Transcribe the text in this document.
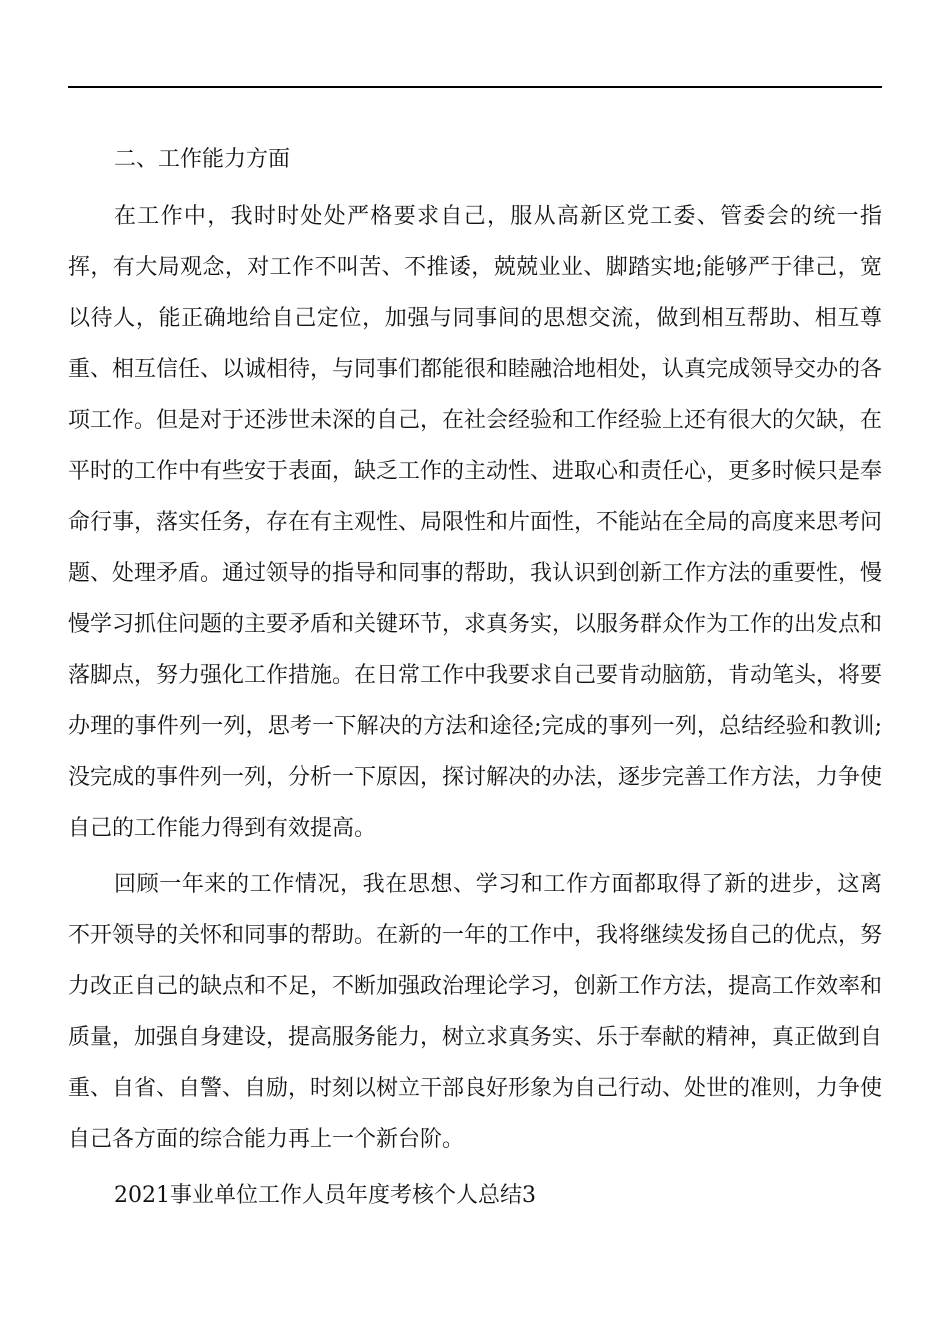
二、工作能力方面

在工作中，我时时处处严格要求自己，服从高新区党工委、管委会的统一指挥，有大局观念，对工作不叫苦、不推诿，兢兢业业、脚踏实地;能够严于律己，宽以待人，能正确地给自己定位，加强与同事间的思想交流，做到相互帮助、相互尊重、相互信任、以诚相待，与同事们都能很和睦融洽地相处，认真完成领导交办的各项工作。但是对于还涉世未深的自己，在社会经验和工作经验上还有很大的欠缺，在平时的工作中有些安于表面，缺乏工作的主动性、进取心和责任心，更多时候只是奉命行事，落实任务，存在有主观性、局限性和片面性，不能站在全局的高度来思考问题、处理矛盾。通过领导的指导和同事的帮助，我认识到创新工作方法的重要性，慢慢学习抓住问题的主要矛盾和关键环节，求真务实，以服务群众作为工作的出发点和落脚点，努力强化工作措施。在日常工作中我要求自己要肯动脑筋，肯动笔头，将要办理的事件列一列，思考一下解决的方法和途径;完成的事列一列，总结经验和教训;没完成的事件列一列，分析一下原因，探讨解决的办法，逐步完善工作方法，力争使自己的工作能力得到有效提高。

回顾一年来的工作情况，我在思想、学习和工作方面都取得了新的进步，这离不开领导的关怀和同事的帮助。在新的一年的工作中，我将继续发扬自己的优点，努力改正自己的缺点和不足，不断加强政治理论学习，创新工作方法，提高工作效率和质量，加强自身建设，提高服务能力，树立求真务实、乐于奉献的精神，真正做到自重、自省、自警、自励，时刻以树立干部良好形象为自己行动、处世的准则，力争使自己各方面的综合能力再上一个新台阶。

2021事业单位工作人员年度考核个人总结3
